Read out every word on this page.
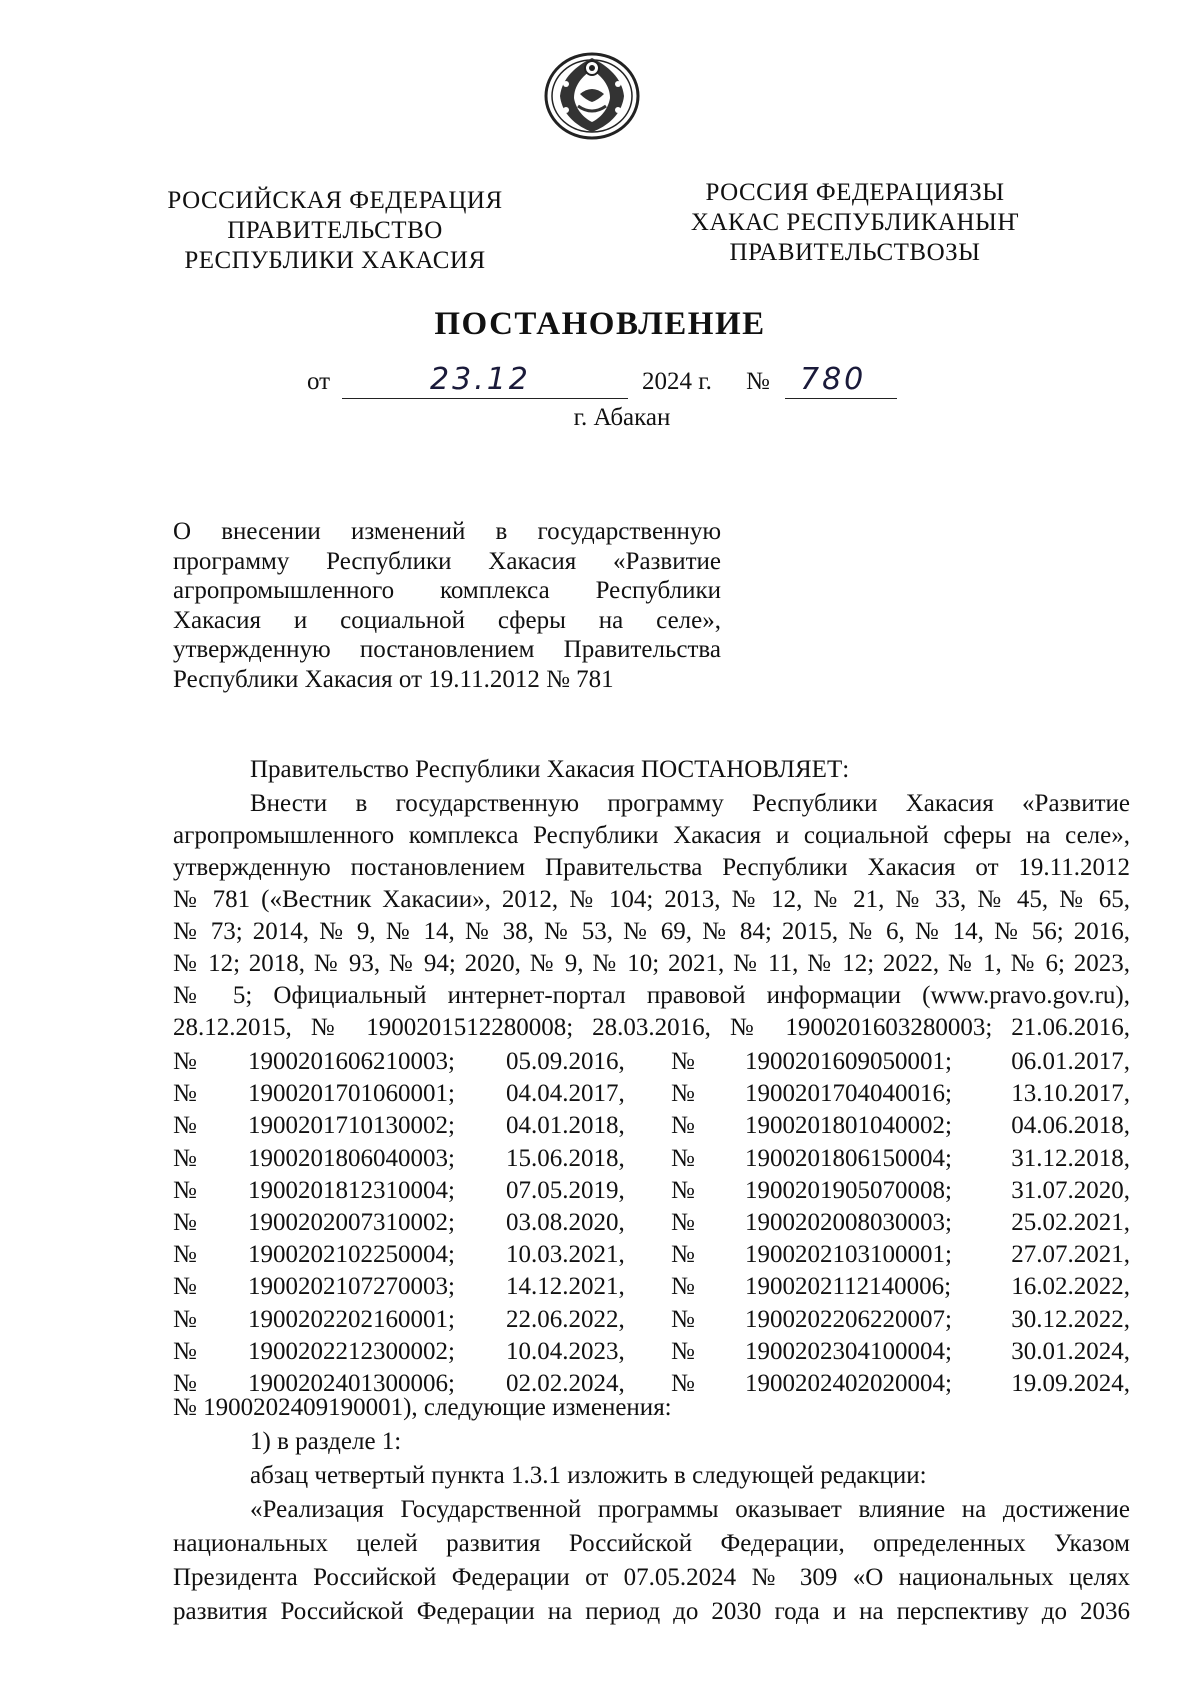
РОССИЙСКАЯ ФЕДЕРАЦИЯ
ПРАВИТЕЛЬСТВО
РЕСПУБЛИКИ ХАКАСИЯ
РОССИЯ ФЕДЕРАЦИЯЗЫ
ХАКАС РЕСПУБЛИКАНЫҤ
ПРАВИТЕЛЬСТВОЗЫ
ПОСТАНОВЛЕНИЕ
от	23.12	2024 г. № 780
г. Абакан
О внесении изменений в государственную
программу Республики Хакасия «Развитие
агропромышленного комплекса Республики
Хакасия и социальной сферы на селе»,
утвержденную постановлением Правительства
Республики Хакасия от 19.11.2012 № 781
Правительство Республики Хакасия ПОСТАНОВЛЯЕТ:
Внести в государственную программу Республики Хакасия «Развитие
агропромышленного комплекса Республики Хакасия и социальной сферы на селе»,
утвержденную постановлением Правительства Республики Хакасия от 19.11.2012
№ 781 («Вестник Хакасии», 2012, № 104; 2013, № 12, № 21, № 33, № 45, № 65,
№ 73; 2014, № 9, № 14, № 38, № 53, № 69, № 84; 2015, № 6, № 14, № 56; 2016,
№ 12; 2018, № 93, № 94; 2020, № 9, № 10; 2021, № 11, № 12; 2022, № 1, № 6; 2023,
№ 5; Официальный интернет-портал правовой информации (www.pravo.gov.ru),
28.12.2015, № 1900201512280008; 28.03.2016, № 1900201603280003; 21.06.2016,
№ 1900201606210003; 05.09.2016, № 1900201609050001; 06.01.2017,
№ 1900201701060001; 04.04.2017, № 1900201704040016; 13.10.2017,
№ 1900201710130002; 04.01.2018, № 1900201801040002; 04.06.2018,
№ 1900201806040003; 15.06.2018, № 1900201806150004; 31.12.2018,
№ 1900201812310004; 07.05.2019, № 1900201905070008; 31.07.2020,
№ 1900202007310002; 03.08.2020, № 1900202008030003; 25.02.2021,
№ 1900202102250004; 10.03.2021, № 1900202103100001; 27.07.2021,
№ 1900202107270003; 14.12.2021, № 1900202112140006; 16.02.2022,
№ 1900202202160001; 22.06.2022, № 1900202206220007; 30.12.2022,
№ 1900202212300002; 10.04.2023, № 1900202304100004; 30.01.2024,
№ 1900202401300006; 02.02.2024, № 1900202402020004; 19.09.2024,
№ 1900202409190001), следующие изменения:
1) в разделе 1:
абзац четвертый пункта 1.3.1 изложить в следующей редакции:
«Реализация Государственной программы оказывает влияние на достижение
национальных целей развития Российской Федерации, определенных Указом
Президента Российской Федерации от 07.05.2024 № 309 «О национальных целях
развития Российской Федерации на период до 2030 года и на перспективу до 2036
